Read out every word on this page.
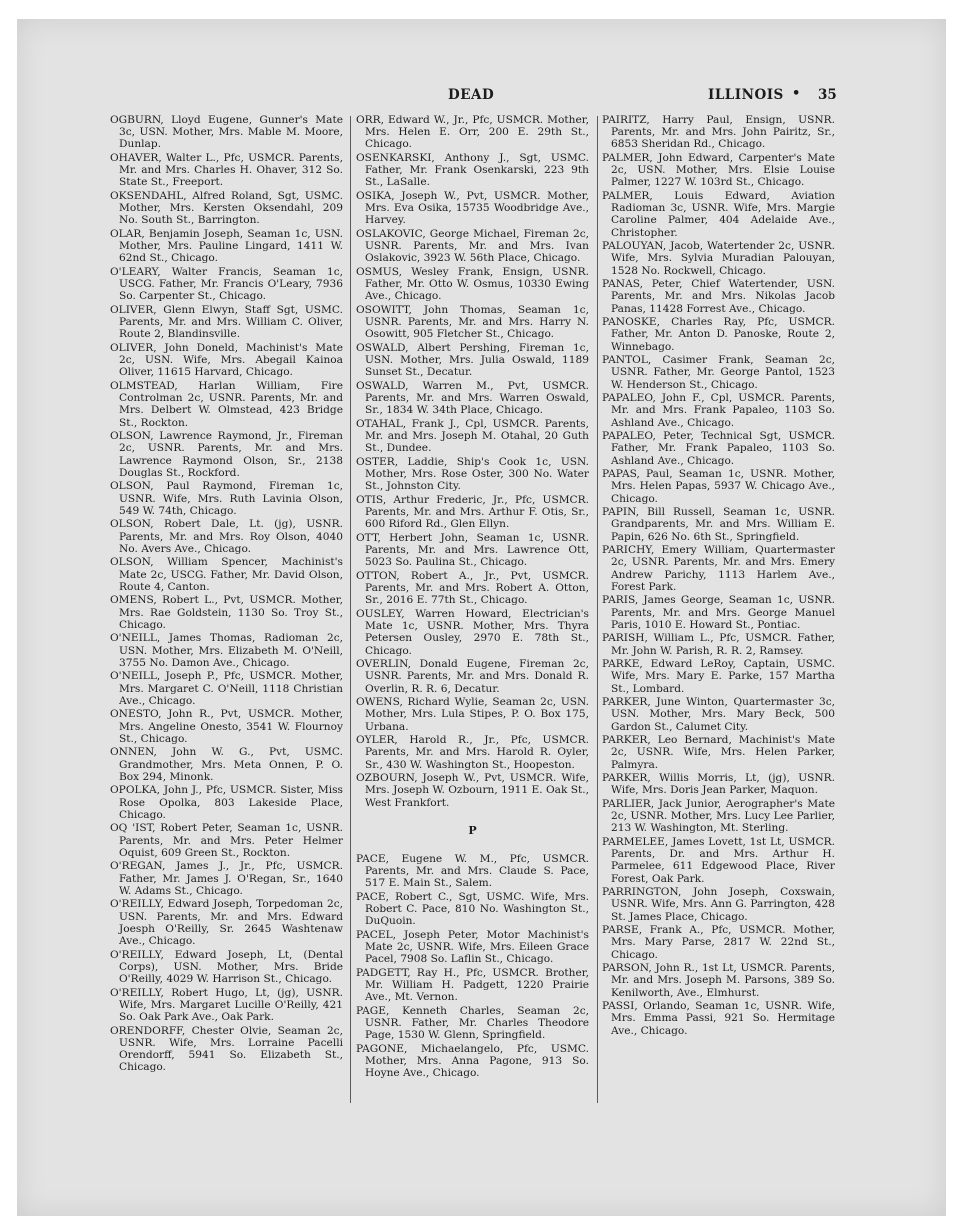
DEAD	ILLINOIS • 35

OGBURN, Lloyd Eugene, Gunner's Mate 3c, USN. Mother, Mrs. Mable M. Moore, Dunlap.

OHAVER, Walter L., Pfc, USMCR. Parents, Mr. and Mrs. Charles H. Ohaver, 312 So. State St., Freeport.

OKSENDAHL, Alfred Roland, Sgt, USMC. Mother, Mrs. Kersten Oksendahl, 209 No. South St., Barrington.

OLAR, Benjamin Joseph, Seaman 1c, USN. Mother, Mrs. Pauline Lingard, 1411 W. 62nd St., Chicago.

O'LEARY, Walter Francis, Seaman 1c, USCG. Father, Mr. Francis O'Leary, 7936 So. Carpenter St., Chicago.

OLIVER, Glenn Elwyn, Staff Sgt, USMC. Parents, Mr. and Mrs. William C. Oliver, Route 2, Blandinsville.

OLIVER, John Doneld, Machinist's Mate 2c, USN. Wife, Mrs. Abegail Kainoa Oliver, 11615 Harvard, Chicago.

OLMSTEAD, Harlan William, Fire Controlman 2c, USNR. Parents, Mr. and Mrs. Delbert W. Olmstead, 423 Bridge St., Rockton.

OLSON, Lawrence Raymond, Jr., Fireman 2c, USNR. Parents, Mr. and Mrs. Lawrence Raymond Olson, Sr., 2138 Douglas St., Rockford.

OLSON, Paul Raymond, Fireman 1c, USNR. Wife, Mrs. Ruth Lavinia Olson, 549 W. 74th, Chicago.

OLSON, Robert Dale, Lt. (jg), USNR. Parents, Mr. and Mrs. Roy Olson, 4040 No. Avers Ave., Chicago.

OLSON, William Spencer, Machinist's Mate 2c, USCG. Father, Mr. David Olson, Route 4, Canton.

OMENS, Robert L., Pvt, USMCR. Mother, Mrs. Rae Goldstein, 1130 So. Troy St., Chicago.

O'NEILL, James Thomas, Radioman 2c, USN. Mother, Mrs. Elizabeth M. O'Neill, 3755 No. Damon Ave., Chicago.

O'NEILL, Joseph P., Pfc, USMCR. Mother, Mrs. Margaret C. O'Neill, 1118 Christian Ave., Chicago.

ONESTO, John R., Pvt, USMCR. Mother, Mrs. Angeline Onesto, 3541 W. Flournoy St., Chicago.

ONNEN, John W. G., Pvt, USMC. Grandmother, Mrs. Meta Onnen, P. O. Box 294, Minonk.

OPOLKA, John J., Pfc, USMCR. Sister, Miss Rose Opolka, 803 Lakeside Place, Chicago.

OQ 'IST, Robert Peter, Seaman 1c, USNR. Parents, Mr. and Mrs. Peter Helmer Oquist, 609 Green St., Rockton.

O'REGAN, James J., Jr., Pfc, USMCR. Father, Mr. James J. O'Regan, Sr., 1640 W. Adams St., Chicago.

O'REILLY, Edward Joseph, Torpedoman 2c, USN. Parents, Mr. and Mrs. Edward Joesph O'Reilly, Sr. 2645 Washtenaw Ave., Chicago.

O'REILLY, Edward Joseph, Lt, (Dental Corps), USN. Mother, Mrs. Bride O'Reilly, 4029 W. Harrison St., Chicago.

O'REILLY, Robert Hugo, Lt, (jg), USNR. Wife, Mrs. Margaret Lucille O'Reilly, 421 So. Oak Park Ave., Oak Park.

ORENDORFF, Chester Olvie, Seaman 2c, USNR. Wife, Mrs. Lorraine Pacelli Orendorff, 5941 So. Elizabeth St., Chicago.

ORR, Edward W., Jr., Pfc, USMCR. Mother, Mrs. Helen E. Orr, 200 E. 29th St., Chicago.

OSENKARSKI, Anthony J., Sgt, USMC. Father, Mr. Frank Osenkarski, 223 9th St., LaSalle.

OSIKA, Joseph W., Pvt, USMCR. Mother, Mrs. Eva Osika, 15735 Woodbridge Ave., Harvey.

OSLAKOVIC, George Michael, Fireman 2c, USNR. Parents, Mr. and Mrs. Ivan Oslakovic, 3923 W. 56th Place, Chicago.

OSMUS, Wesley Frank, Ensign, USNR. Father, Mr. Otto W. Osmus, 10330 Ewing Ave., Chicago.

OSOWITT, John Thomas, Seaman 1c, USNR. Parents, Mr. and Mrs. Harry N. Osowitt, 905 Fletcher St., Chicago.

OSWALD, Albert Pershing, Fireman 1c, USN. Mother, Mrs. Julia Oswald, 1189 Sunset St., Decatur.

OSWALD, Warren M., Pvt, USMCR. Parents, Mr. and Mrs. Warren Oswald, Sr., 1834 W. 34th Place, Chicago.

OTAHAL, Frank J., Cpl, USMCR. Parents, Mr. and Mrs. Joseph M. Otahal, 20 Guth St., Dundee.

OSTER, Laddie, Ship's Cook 1c, USN. Mother, Mrs. Rose Oster, 300 No. Water St., Johnston City.

OTIS, Arthur Frederic, Jr., Pfc, USMCR. Parents, Mr. and Mrs. Arthur F. Otis, Sr., 600 Riford Rd., Glen Ellyn.

OTT, Herbert John, Seaman 1c, USNR. Parents, Mr. and Mrs. Lawrence Ott, 5023 So. Paulina St., Chicago.

OTTON, Robert A., Jr., Pvt, USMCR. Parents, Mr. and Mrs. Robert A. Otton, Sr., 2016 E. 77th St., Chicago.

OUSLEY, Warren Howard, Electrician's Mate 1c, USNR. Mother, Mrs. Thyra Petersen Ousley, 2970 E. 78th St., Chicago.

OVERLIN, Donald Eugene, Fireman 2c, USNR. Parents, Mr. and Mrs. Donald R. Overlin, R. R. 6, Decatur.

OWENS, Richard Wylie, Seaman 2c, USN. Mother, Mrs. Lula Stipes, P. O. Box 175, Urbana.

OYLER, Harold R., Jr., Pfc, USMCR. Parents, Mr. and Mrs. Harold R. Oyler, Sr., 430 W. Washington St., Hoopeston.

OZBOURN, Joseph W., Pvt, USMCR. Wife, Mrs. Joseph W. Ozbourn, 1911 E. Oak St., West Frankfort.

P

PACE, Eugene W. M., Pfc, USMCR. Parents, Mr. and Mrs. Claude S. Pace, 517 E. Main St., Salem.

PACE, Robert C., Sgt, USMC. Wife, Mrs. Robert C. Pace, 810 No. Washington St., DuQuoin.

PACEL, Joseph Peter, Motor Machinist's Mate 2c, USNR. Wife, Mrs. Eileen Grace Pacel, 7908 So. Laflin St., Chicago.

PADGETT, Ray H., Pfc, USMCR. Brother, Mr. William H. Padgett, 1220 Prairie Ave., Mt. Vernon.

PAGE, Kenneth Charles, Seaman 2c, USNR. Father, Mr. Charles Theodore Page, 1530 W. Glenn, Springfield.

PAGONE, Michaelangelo, Pfc, USMC. Mother, Mrs. Anna Pagone, 913 So. Hoyne Ave., Chicago.

PAIRITZ, Harry Paul, Ensign, USNR. Parents, Mr. and Mrs. John Pairitz, Sr., 6853 Sheridan Rd., Chicago.

PALMER, John Edward, Carpenter's Mate 2c, USN. Mother, Mrs. Elsie Louise Palmer, 1227 W. 103rd St., Chicago.

PALMER, Louis Edward, Aviation Radioman 3c, USNR. Wife, Mrs. Margie Caroline Palmer, 404 Adelaide Ave., Christopher.

PALOUYAN, Jacob, Watertender 2c, USNR. Wife, Mrs. Sylvia Muradian Palouyan, 1528 No. Rockwell, Chicago.

PANAS, Peter, Chief Watertender, USN. Parents, Mr. and Mrs. Nikolas Jacob Panas, 11428 Forrest Ave., Chicago.

PANOSKE, Charles Ray, Pfc, USMCR. Father, Mr. Anton D. Panoske, Route 2, Winnebago.

PANTOL, Casimer Frank, Seaman 2c, USNR. Father, Mr. George Pantol, 1523 W. Henderson St., Chicago.

PAPALEO, John F., Cpl, USMCR. Parents, Mr. and Mrs. Frank Papaleo, 1103 So. Ashland Ave., Chicago.

PAPALEO, Peter, Technical Sgt, USMCR. Father, Mr. Frank Papaleo, 1103 So. Ashland Ave., Chicago.

PAPAS, Paul, Seaman 1c, USNR. Mother, Mrs. Helen Papas, 5937 W. Chicago Ave., Chicago.

PAPIN, Bill Russell, Seaman 1c, USNR. Grandparents, Mr. and Mrs. William E. Papin, 626 No. 6th St., Springfield.

PARICHY, Emery William, Quartermaster 2c, USNR. Parents, Mr. and Mrs. Emery Andrew Parichy, 1113 Harlem Ave., Forest Park.

PARIS, James George, Seaman 1c, USNR. Parents, Mr. and Mrs. George Manuel Paris, 1010 E. Howard St., Pontiac.

PARISH, William L., Pfc, USMCR. Father, Mr. John W. Parish, R. R. 2, Ramsey.

PARKE, Edward LeRoy, Captain, USMC. Wife, Mrs. Mary E. Parke, 157 Martha St., Lombard.

PARKER, June Winton, Quartermaster 3c, USN. Mother, Mrs. Mary Beck, 500 Gardon St., Calumet City.

PARKER, Leo Bernard, Machinist's Mate 2c, USNR. Wife, Mrs. Helen Parker, Palmyra.

PARKER, Willis Morris, Lt, (jg), USNR. Wife, Mrs. Doris Jean Parker, Maquon.

PARLIER, Jack Junior, Aerographer's Mate 2c, USNR. Mother, Mrs. Lucy Lee Parlier, 213 W. Washington, Mt. Sterling.

PARMELEE, James Lovett, 1st Lt, USMCR. Parents, Dr. and Mrs. Arthur H. Parmelee, 611 Edgewood Place, River Forest, Oak Park.

PARRINGTON, John Joseph, Coxswain, USNR. Wife, Mrs. Ann G. Parrington, 428 St. James Place, Chicago.

PARSE, Frank A., Pfc, USMCR. Mother, Mrs. Mary Parse, 2817 W. 22nd St., Chicago.

PARSON, John R., 1st Lt, USMCR. Parents, Mr. and Mrs. Joseph M. Parsons, 389 So. Kenilworth, Ave., Elmhurst.

PASSI, Orlando, Seaman 1c, USNR. Wife, Mrs. Emma Passi, 921 So. Hermitage Ave., Chicago.
